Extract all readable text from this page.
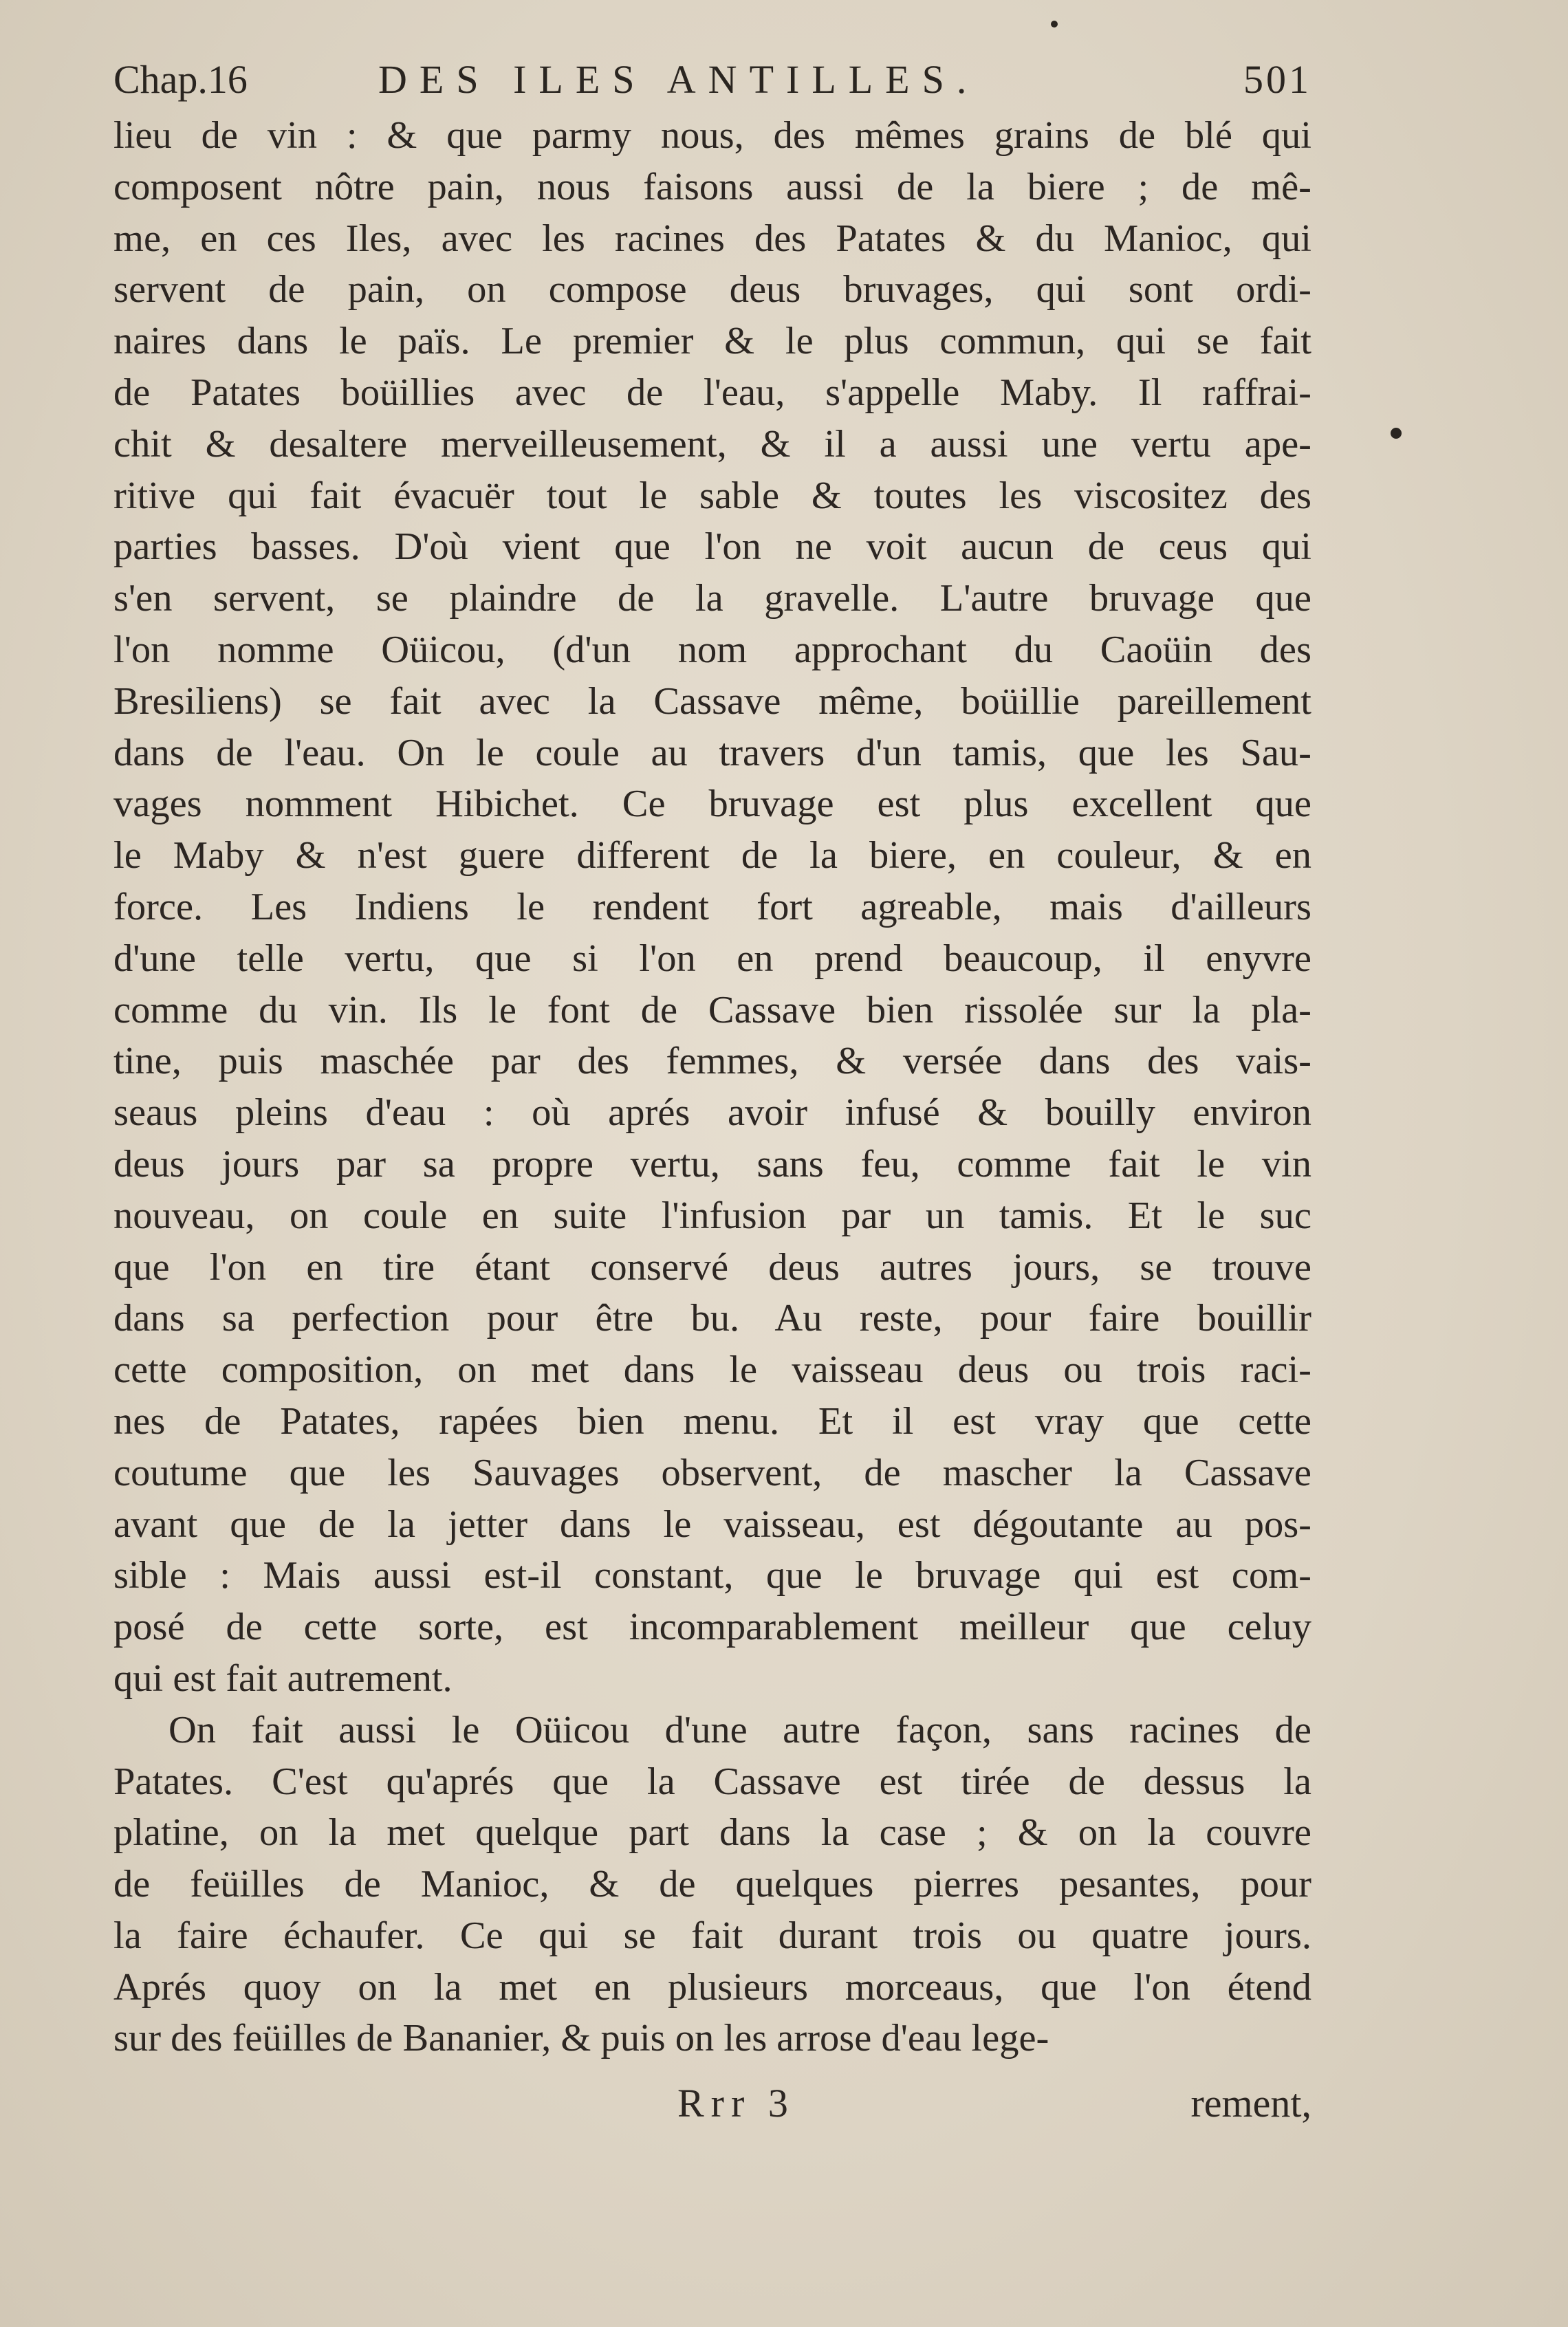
Chap.16	DES ILES ANTILLES.	501
lieu de vin : & que parmy nous, des mêmes grains de blé qui
composent nôtre pain, nous faisons aussi de la biere ; de mê-
me, en ces Iles, avec les racines des Patates & du Manioc, qui
servent de pain, on compose deus bruvages, qui sont ordi-
naires dans le païs. Le premier & le plus commun, qui se fait
de Patates boüillies avec de l'eau, s'appelle Maby. Il raffrai-
chit & desaltere merveilleusement, & il a aussi une vertu ape-
ritive qui fait évacuër tout le sable & toutes les viscositez des
parties basses. D'où vient que l'on ne voit aucun de ceus qui
s'en servent, se plaindre de la gravelle. L'autre bruvage que
l'on nomme Oüicou, (d'un nom approchant du Caoüin des
Bresiliens) se fait avec la Cassave même, boüillie pareillement
dans de l'eau. On le coule au travers d'un tamis, que les Sau-
vages nomment Hibichet. Ce bruvage est plus excellent que
le Maby & n'est guere different de la biere, en couleur, & en
force. Les Indiens le rendent fort agreable, mais d'ailleurs
d'une telle vertu, que si l'on en prend beaucoup, il enyvre
comme du vin. Ils le font de Cassave bien rissolée sur la pla-
tine, puis maschée par des femmes, & versée dans des vais-
seaus pleins d'eau : où aprés avoir infusé & bouilly environ
deus jours par sa propre vertu, sans feu, comme fait le vin
nouveau, on coule en suite l'infusion par un tamis. Et le suc
que l'on en tire étant conservé deus autres jours, se trouve
dans sa perfection pour être bu. Au reste, pour faire bouillir
cette composition, on met dans le vaisseau deus ou trois raci-
nes de Patates, rapées bien menu. Et il est vray que cette
coutume que les Sauvages observent, de mascher la Cassave
avant que de la jetter dans le vaisseau, est dégoutante au pos-
sible : Mais aussi est-il constant, que le bruvage qui est com-
posé de cette sorte, est incomparablement meilleur que celuy
qui est fait autrement.
On fait aussi le Oüicou d'une autre façon, sans racines de
Patates. C'est qu'aprés que la Cassave est tirée de dessus la
platine, on la met quelque part dans la case ; & on la couvre
de feüilles de Manioc, & de quelques pierres pesantes, pour
la faire échaufer. Ce qui se fait durant trois ou quatre jours.
Aprés quoy on la met en plusieurs morceaus, que l'on étend
sur des feüilles de Bananier, & puis on les arrose d'eau lege-
Rrr 3	rement,
